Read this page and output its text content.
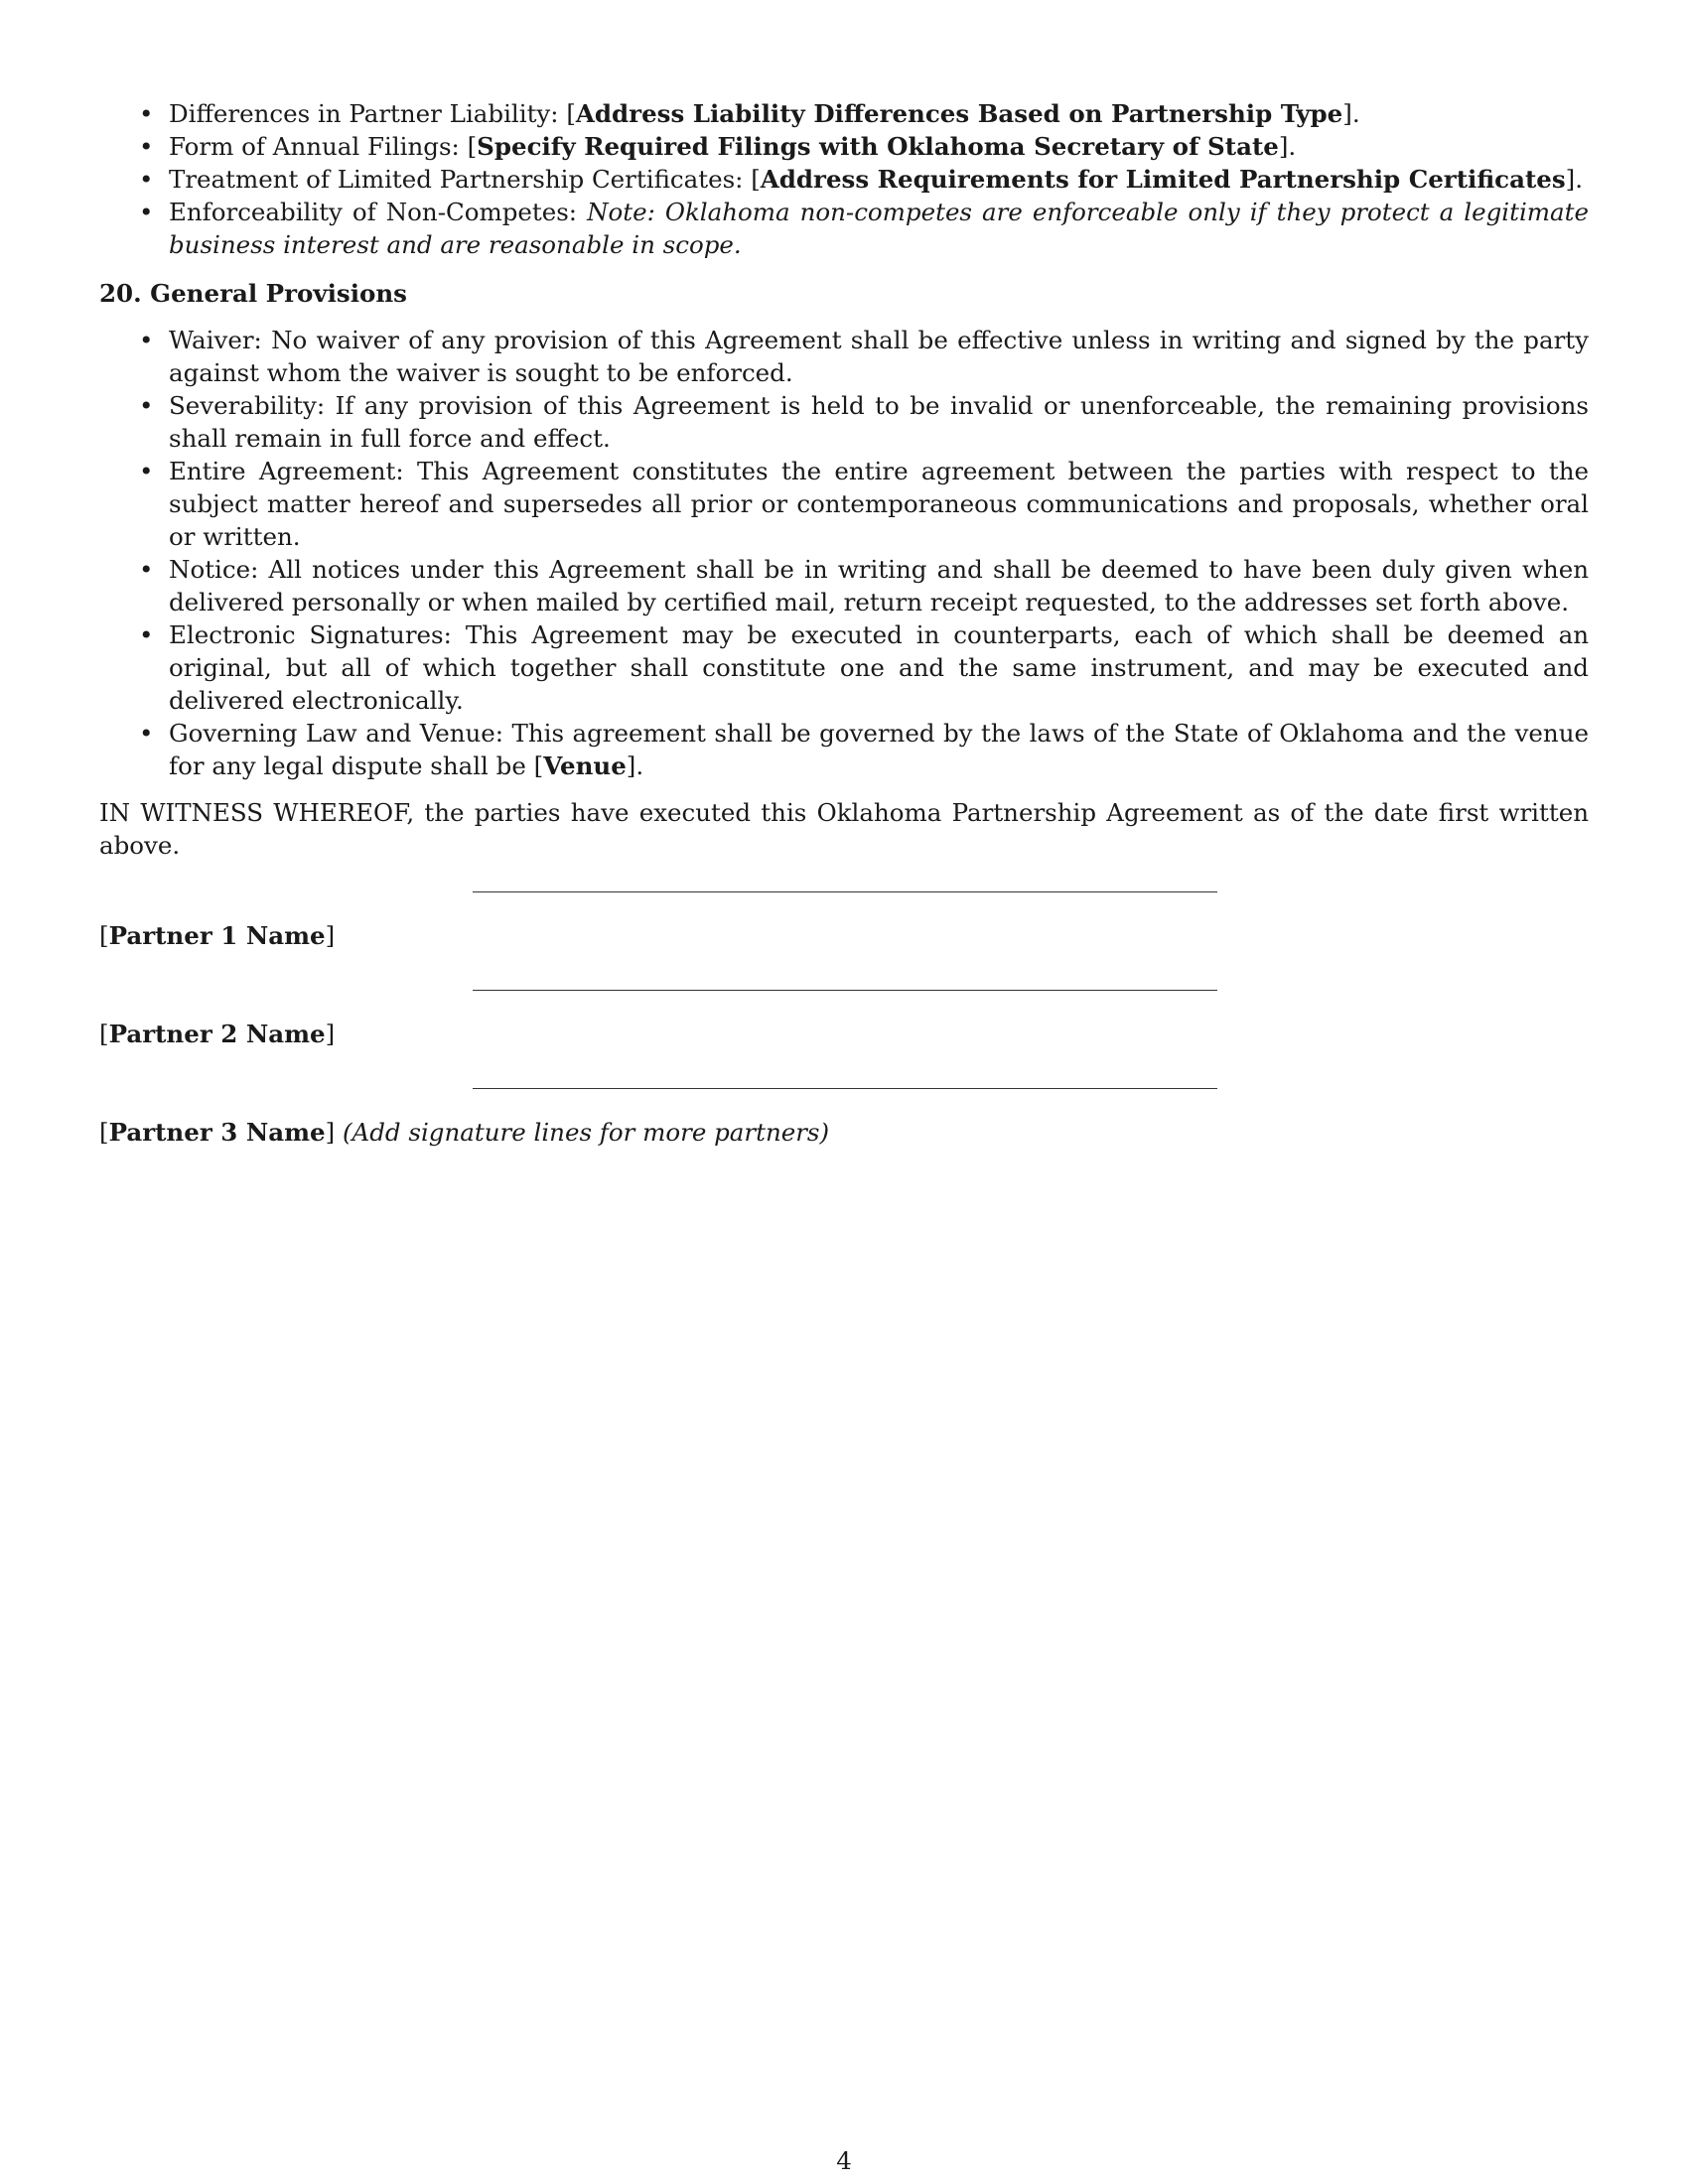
• Differences in Partner Liability: [Address Liability Differences Based on Partnership Type].
• Form of Annual Filings: [Specify Required Filings with Oklahoma Secretary of State].
• Treatment of Limited Partnership Certificates: [Address Requirements for Limited Partnership Certificates].
• Enforceability of Non-Competes: Note: Oklahoma non-competes are enforceable only if they protect a legitimate business interest and are reasonable in scope.
20. General Provisions
• Waiver: No waiver of any provision of this Agreement shall be effective unless in writing and signed by the party against whom the waiver is sought to be enforced.
• Severability: If any provision of this Agreement is held to be invalid or unenforceable, the remaining provisions shall remain in full force and effect.
• Entire Agreement: This Agreement constitutes the entire agreement between the parties with respect to the subject matter hereof and supersedes all prior or contemporaneous communications and proposals, whether oral or written.
• Notice: All notices under this Agreement shall be in writing and shall be deemed to have been duly given when delivered personally or when mailed by certified mail, return receipt requested, to the addresses set forth above.
• Electronic Signatures: This Agreement may be executed in counterparts, each of which shall be deemed an original, but all of which together shall constitute one and the same instrument, and may be executed and delivered electronically.
• Governing Law and Venue: This agreement shall be governed by the laws of the State of Oklahoma and the venue for any legal dispute shall be [Venue].
IN WITNESS WHEREOF, the parties have executed this Oklahoma Partnership Agreement as of the date first written above.
[Partner 1 Name]
[Partner 2 Name]
[Partner 3 Name] (Add signature lines for more partners)
4
